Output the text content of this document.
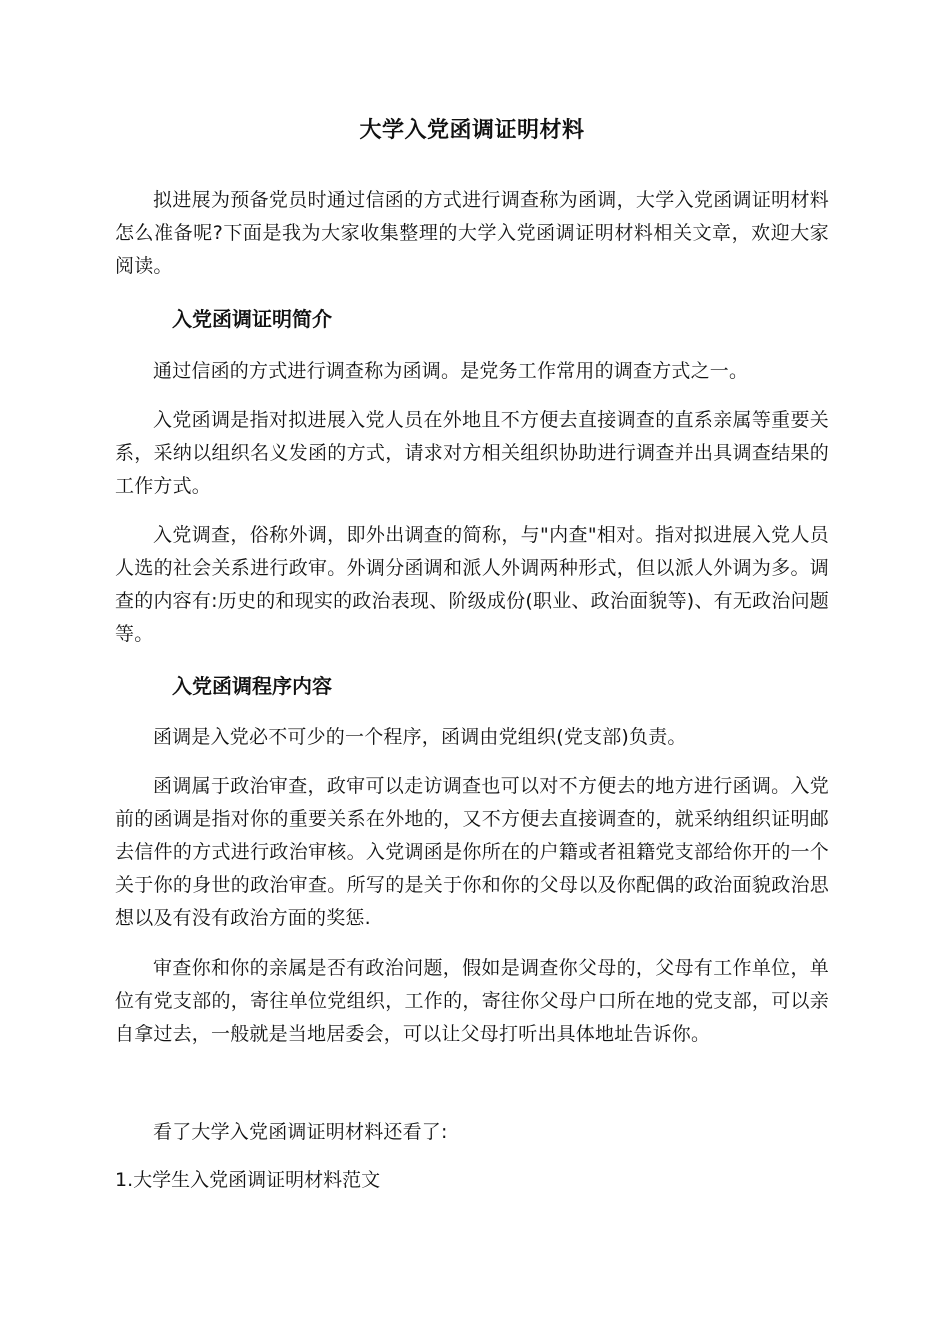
大学入党函调证明材料
拟进展为预备党员时通过信函的方式进行调查称为函调，大学入党函调证明材料怎么准备呢?下面是我为大家收集整理的大学入党函调证明材料相关文章，欢迎大家阅读。
入党函调证明简介
通过信函的方式进行调查称为函调。是党务工作常用的调查方式之一。
入党函调是指对拟进展入党人员在外地且不方便去直接调查的直系亲属等重要关系，采纳以组织名义发函的方式，请求对方相关组织协助进行调查并出具调查结果的工作方式。
入党调查，俗称外调，即外出调查的简称，与"内查"相对。指对拟进展入党人员人选的社会关系进行政审。外调分函调和派人外调两种形式，但以派人外调为多。调查的内容有:历史的和现实的政治表现、阶级成份(职业、政治面貌等)、有无政治问题等。
入党函调程序内容
函调是入党必不可少的一个程序，函调由党组织(党支部)负责。
函调属于政治审查，政审可以走访调查也可以对不方便去的地方进行函调。入党前的函调是指对你的重要关系在外地的，又不方便去直接调查的，就采纳组织证明邮去信件的方式进行政治审核。入党调函是你所在的户籍或者祖籍党支部给你开的一个关于你的身世的政治审查。所写的是关于你和你的父母以及你配偶的政治面貌政治思想以及有没有政治方面的奖惩.
审查你和你的亲属是否有政治问题，假如是调查你父母的，父母有工作单位，单位有党支部的，寄往单位党组织，工作的，寄往你父母户口所在地的党支部，可以亲自拿过去，一般就是当地居委会，可以让父母打听出具体地址告诉你。
看了大学入党函调证明材料还看了:
1.大学生入党函调证明材料范文
